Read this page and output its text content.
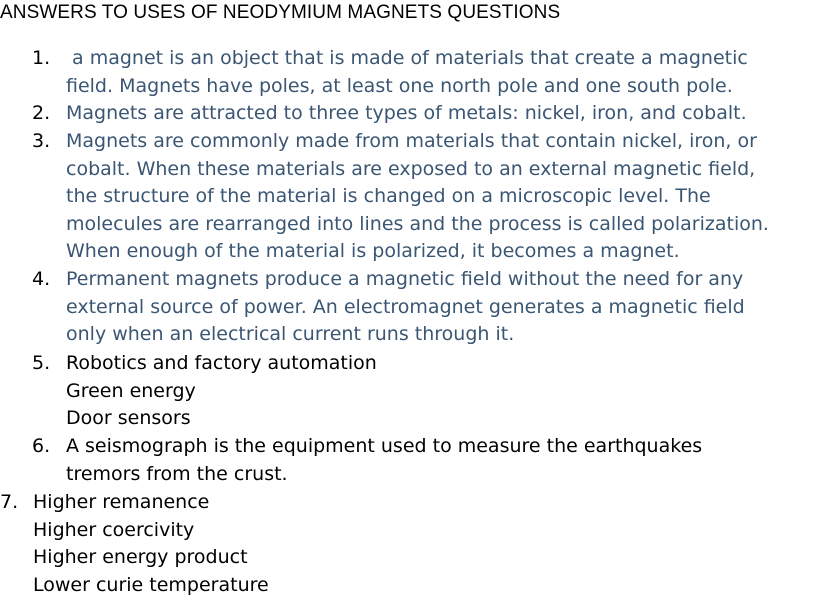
ANSWERS TO USES OF NEODYMIUM MAGNETS QUESTIONS
1. a magnet is an object that is made of materials that create a magnetic
field. Magnets have poles, at least one north pole and one south pole.
2. Magnets are attracted to three types of metals: nickel, iron, and cobalt.
3. Magnets are commonly made from materials that contain nickel, iron, or
cobalt. When these materials are exposed to an external magnetic field,
the structure of the material is changed on a microscopic level. The
molecules are rearranged into lines and the process is called polarization.
When enough of the material is polarized, it becomes a magnet.
4. Permanent magnets produce a magnetic field without the need for any
external source of power. An electromagnet generates a magnetic field
only when an electrical current runs through it.
5. Robotics and factory automation
Green energy
Door sensors
6. A seismograph is the equipment used to measure the earthquakes
tremors from the crust.
7. Higher remanence
Higher coercivity
Higher energy product
Lower curie temperature
